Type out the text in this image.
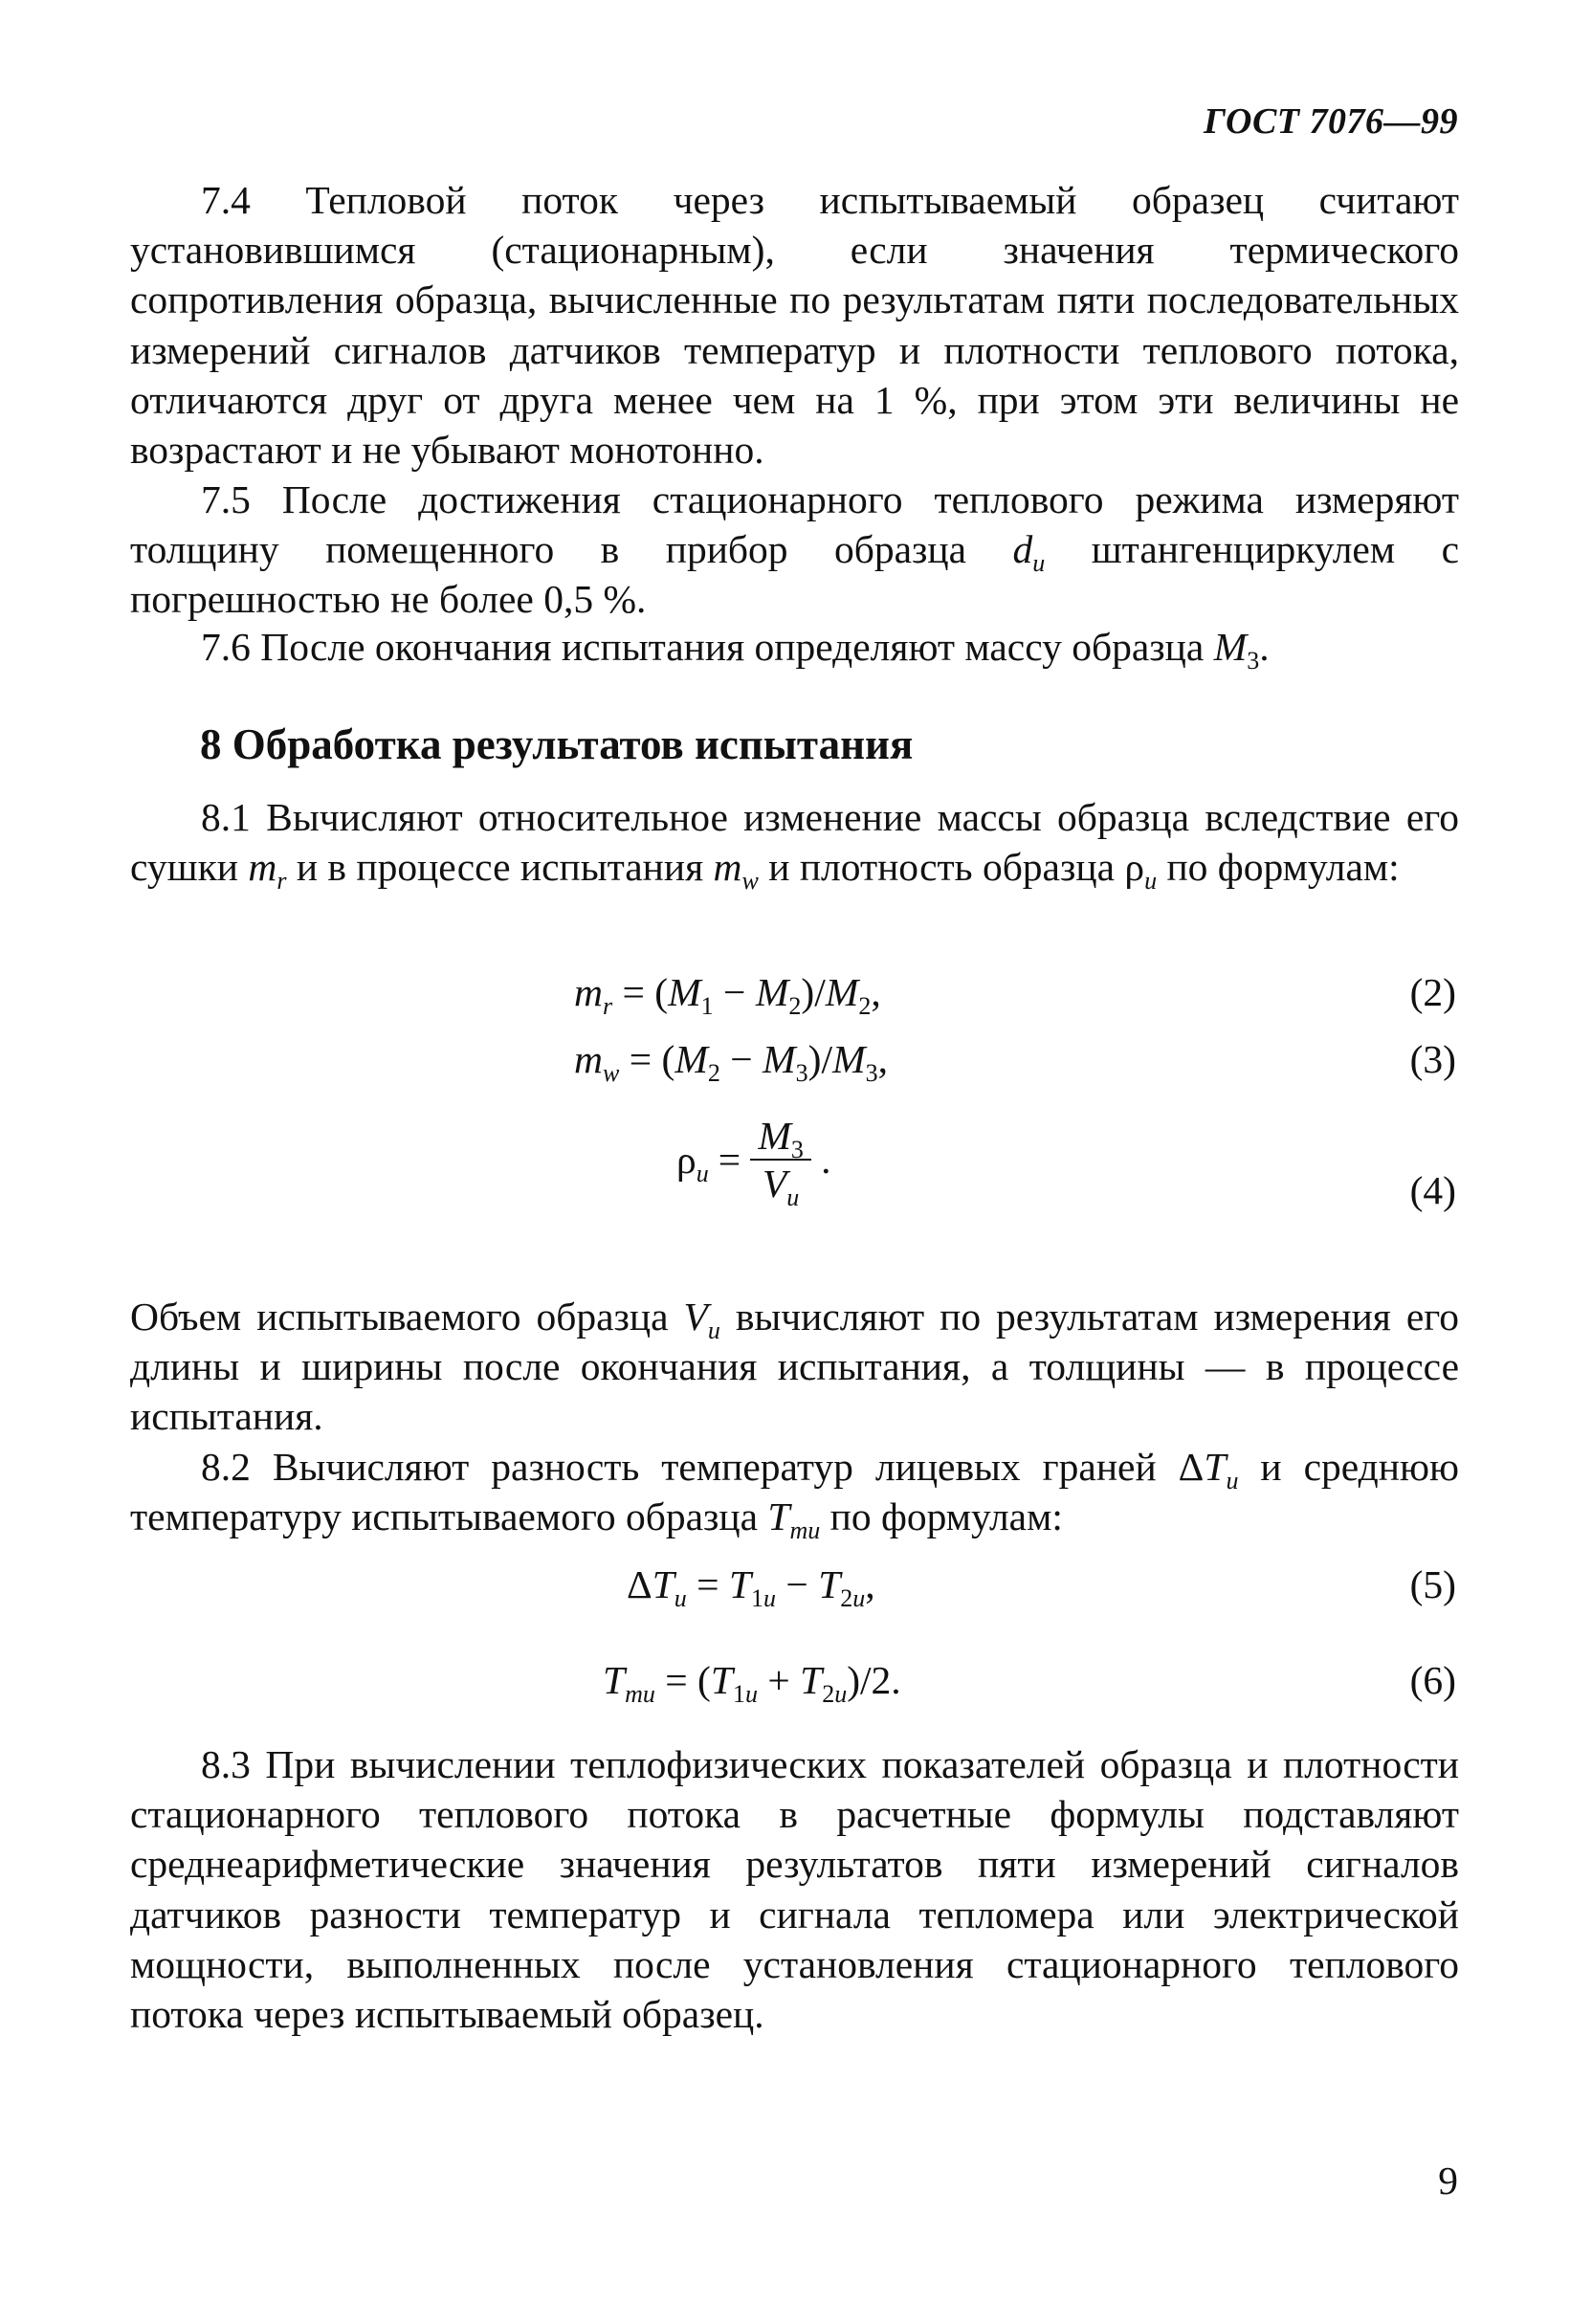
ГОСТ 7076—99

7.4 Тепловой поток через испытываемый образец считают установившимся (стационарным), если значения термического сопротивления образца, вычисленные по результатам пяти последовательных измерений сигналов датчиков температур и плотности теплового потока, отличаются друг от друга менее чем на 1 %, при этом эти величины не возрастают и не убывают монотонно.

7.5 После достижения стационарного теплового режима измеряют толщину помещенного в прибор образца $d_u$ штангенциркулем с погрешностью не более 0,5 %.

7.6 После окончания испытания определяют массу образца $M_3$.

8 Обработка результатов испытания

8.1 Вычисляют относительное изменение массы образца вследствие его сушки $m_r$ и в процессе испытания $m_w$ и плотность образца $\rho_u$ по формулам:

$m_r = (M_1 - M_2)/M_2$,	(2)
$m_w = (M_2 - M_3)/M_3$,	(3)
$\rho_u = \frac{M_3}{V_u}$ .
(4)

Объем испытываемого образца $V_u$ вычисляют по результатам измерения его длины и ширины после окончания испытания, а толщины — в процессе испытания.

8.2 Вычисляют разность температур лицевых граней $\Delta T_u$ и среднюю температуру испытываемого образца $T_{mu}$ по формулам:

$\Delta T_u = T_{1u} - T_{2u}$,	(5)
$T_{mu} = (T_{1u} + T_{2u})/2$.	(6)

8.3 При вычислении теплофизических показателей образца и плотности стационарного теплового потока в расчетные формулы подставляют среднеарифметические значения результатов пяти измерений сигналов датчиков разности температур и сигнала тепломера или электрической мощности, выполненных после установления стационарного теплового потока через испытываемый образец.

9
